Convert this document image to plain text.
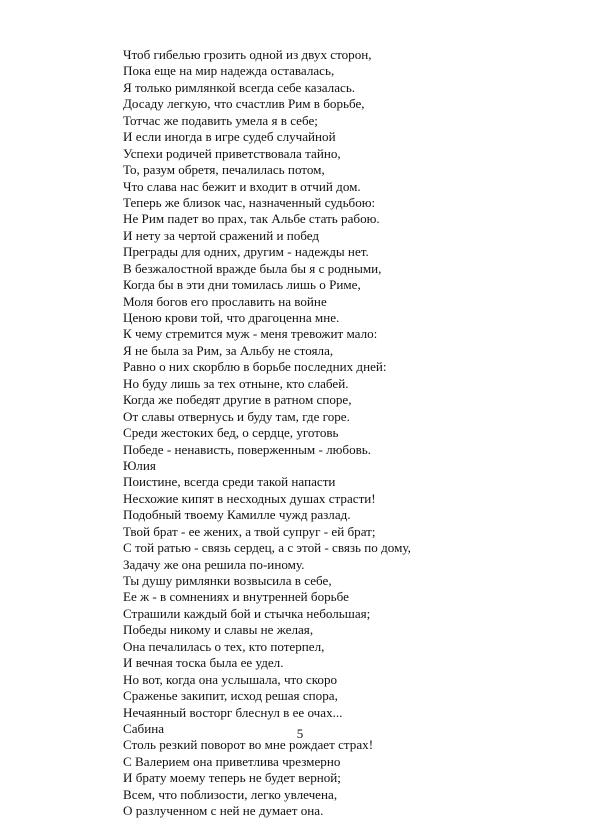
Чтоб гибелью грозить одной из двух сторон,
Пока еще на мир надежда оставалась,
Я только римлянкой всегда себе казалась.
Досаду легкую, что счастлив Рим в борьбе,
Тотчас же подавить умела я в себе;
И если иногда в игре судеб случайной
Успехи родичей приветствовала тайно,
То, разум обретя, печалилась потом,
Что слава нас бежит и входит в отчий дом.
Теперь же близок час, назначенный судьбою:
Не Рим падет во прах, так Альбе стать рабою.
И нету за чертой сражений и побед
Преграды для одних, другим - надежды нет.
В безжалостной вражде была бы я с родными,
Когда бы в эти дни томилась лишь о Риме,
Моля богов его прославить на войне
Ценою крови той, что драгоценна мне.
К чему стремится муж - меня тревожит мало:
Я не была за Рим, за Альбу не стояла,
Равно о них скорблю в борьбе последних дней:
Но буду лишь за тех отныне, кто слабей.
Когда же победят другие в ратном споре,
От славы отвернусь и буду там, где горе.
Среди жестоких бед, о сердце, уготовь
Победе - ненависть, поверженным - любовь.
Юлия
Поистине, всегда среди такой напасти
Несхожие кипят в несходных душах страсти!
Подобный твоему Камилле чужд разлад.
Твой брат - ее жених, а твой супруг - ей брат;
С той ратью - связь сердец, а с этой - связь по дому,
Задачу же она решила по-иному.
Ты душу римлянки возвысила в себе,
Ее ж - в сомнениях и внутренней борьбе
Страшили каждый бой и стычка небольшая;
Победы никому и славы не желая,
Она печалилась о тех, кто потерпел,
И вечная тоска была ее удел.
Но вот, когда она услышала, что скоро
Сраженье закипит, исход решая спора,
Нечаянный восторг блеснул в ее очах...
Сабина
Столь резкий поворот во мне рождает страх!
С Валерием она приветлива чрезмерно
И брату моему теперь не будет верной;
Всем, что поблизости, легко увлечена,
О разлученном с ней не думает она.
5
